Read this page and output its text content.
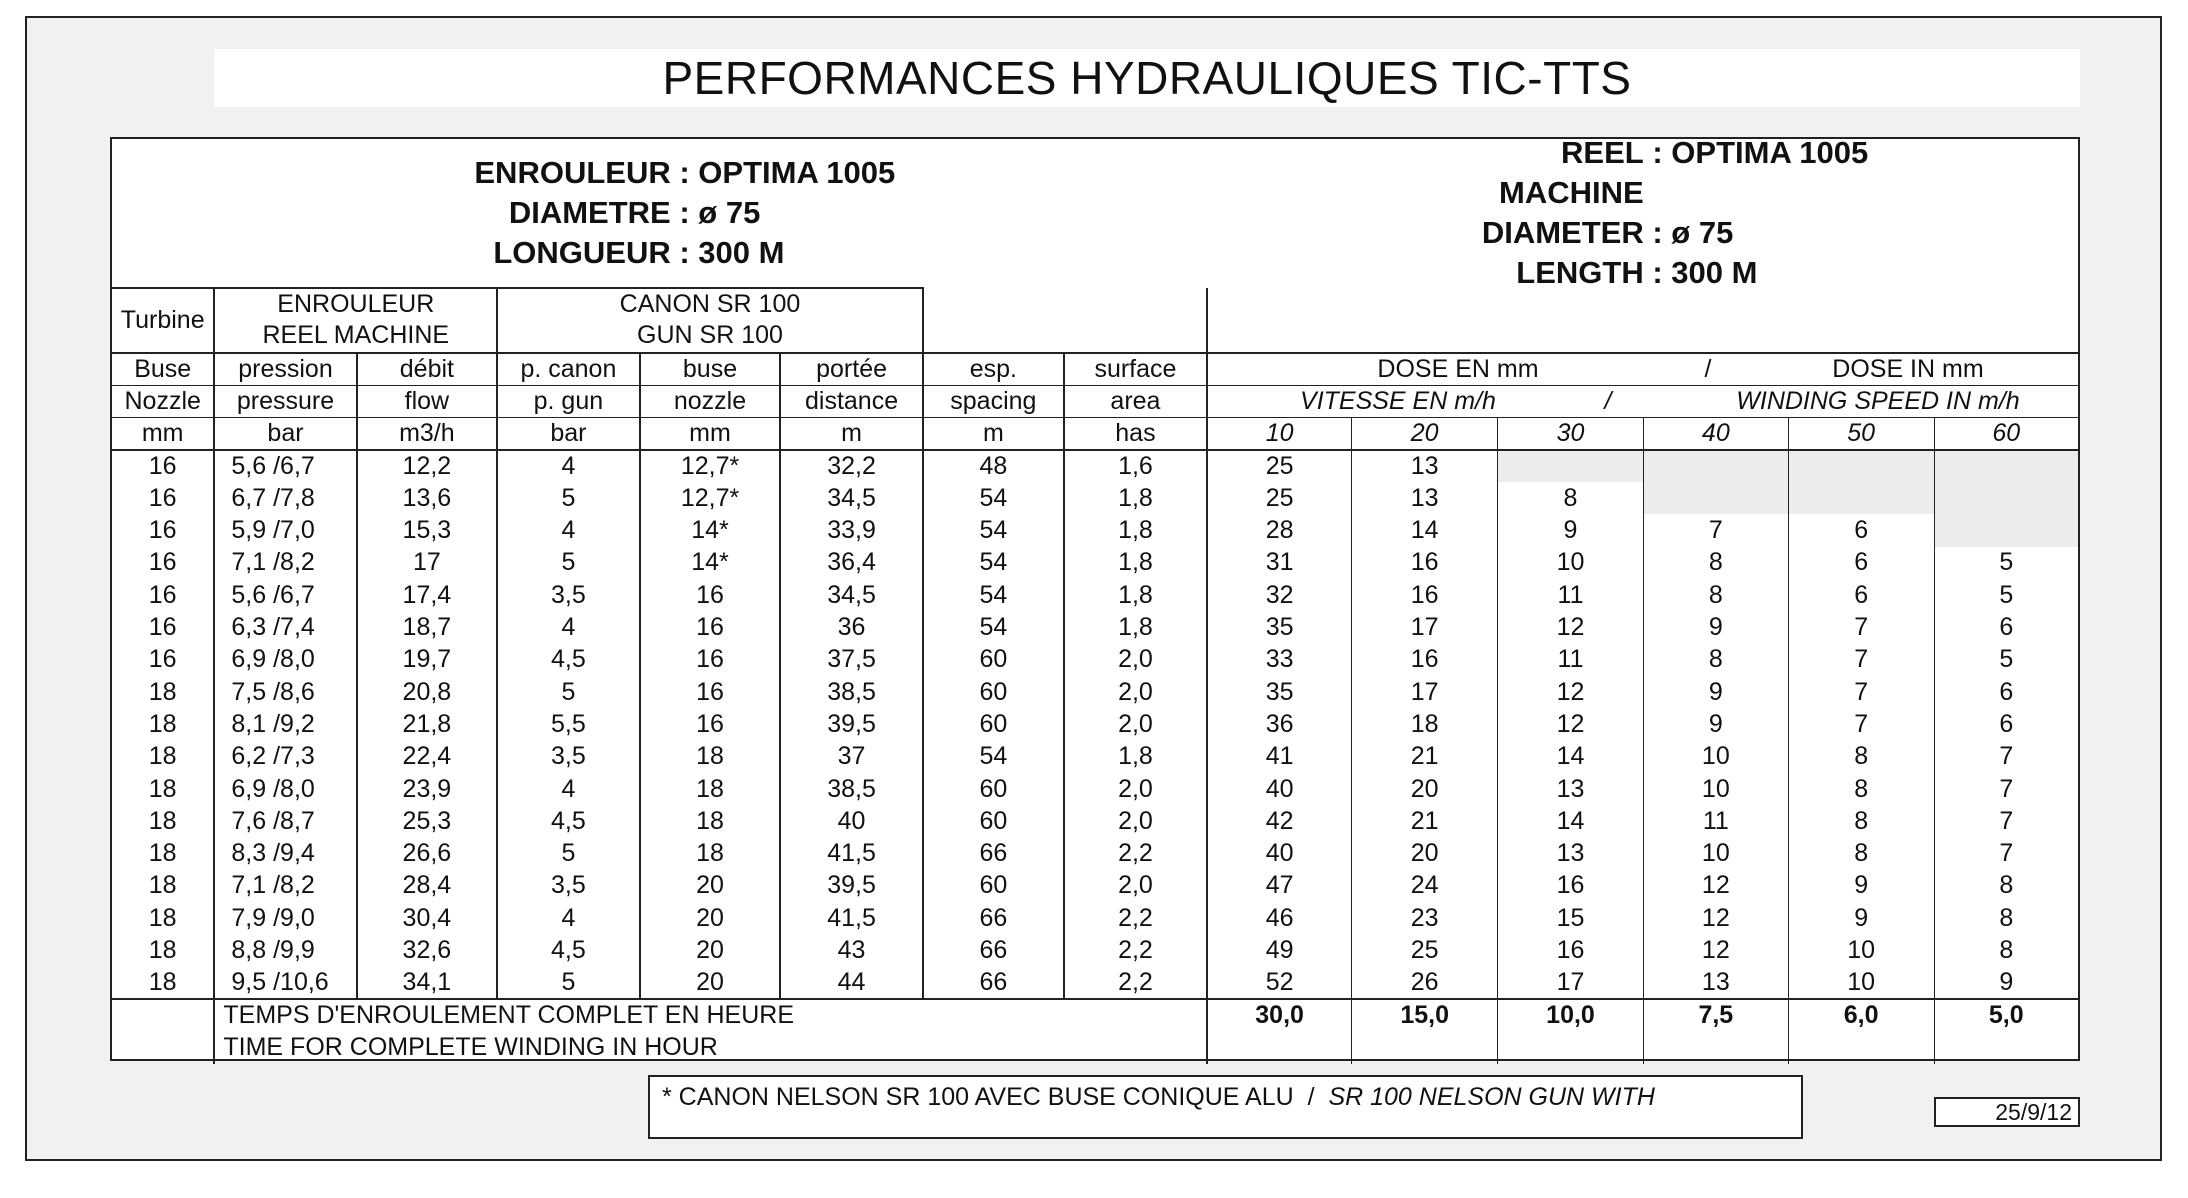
PERFORMANCES HYDRAULIQUES TIC-TTS
ENROULEUR : OPTIMA 1005
DIAMETRE : ø 75
LONGUEUR : 300 M
REEL MACHINE
: OPTIMA 1005
DIAMETER : ø 75
LENGTH : 300 M
Turbine	ENROULEUR		CANON SR 100										
	REEL MACHINE		GUN SR 100										
Buse	pression	débit	p. canon	buse	portée	esp.	surface	DOSE EN mm / DOSE IN mm					
Nozzle	pressure	flow	p. gun	nozzle	distance	spacing	area	VITESSE EN m/h / WINDING SPEED IN m/h					
mm	bar	m3/h	bar	mm	m	m	has	10	20	30	40	50	60
16	5,6 /6,7	12,2	4	12,7*	32,2	48	1,6	25	13				
16	6,7 /7,8	13,6	5	12,7*	34,5	54	1,8	25	13	8			
16	5,9 /7,0	15,3	4	14*	33,9	54	1,8	28	14	9	7	6	
16	7,1 /8,2	17	5	14*	36,4	54	1,8	31	16	10	8	6	5
16	5,6 /6,7	17,4	3,5	16	34,5	54	1,8	32	16	11	8	6	5
16	6,3 /7,4	18,7	4	16	36	54	1,8	35	17	12	9	7	6
16	6,9 /8,0	19,7	4,5	16	37,5	60	2,0	33	16	11	8	7	5
18	7,5 /8,6	20,8	5	16	38,5	60	2,0	35	17	12	9	7	6
18	8,1 /9,2	21,8	5,5	16	39,5	60	2,0	36	18	12	9	7	6
18	6,2 /7,3	22,4	3,5	18	37	54	1,8	41	21	14	10	8	7
18	6,9 /8,0	23,9	4	18	38,5	60	2,0	40	20	13	10	8	7
18	7,6 /8,7	25,3	4,5	18	40	60	2,0	42	21	14	11	8	7
18	8,3 /9,4	26,6	5	18	41,5	66	2,2	40	20	13	10	8	7
18	7,1 /8,2	28,4	3,5	20	39,5	60	2,0	47	24	16	12	9	8
18	7,9 /9,0	30,4	4	20	41,5	66	2,2	46	23	15	12	9	8
18	8,8 /9,9	32,6	4,5	20	43	66	2,2	49	25	16	12	10	8
18	9,5 /10,6	34,1	5	20	44	66	2,2	52	26	17	13	10	9
	TEMPS D'ENROULEMENT COMPLET EN HEURE							30,0	15,0	10,0	7,5	6,0	5,0
	TIME FOR COMPLETE WINDING IN HOUR												
* CANON NELSON SR 100 AVEC BUSE CONIQUE ALU / SR 100 NELSON GUN WITH
25/9/12
